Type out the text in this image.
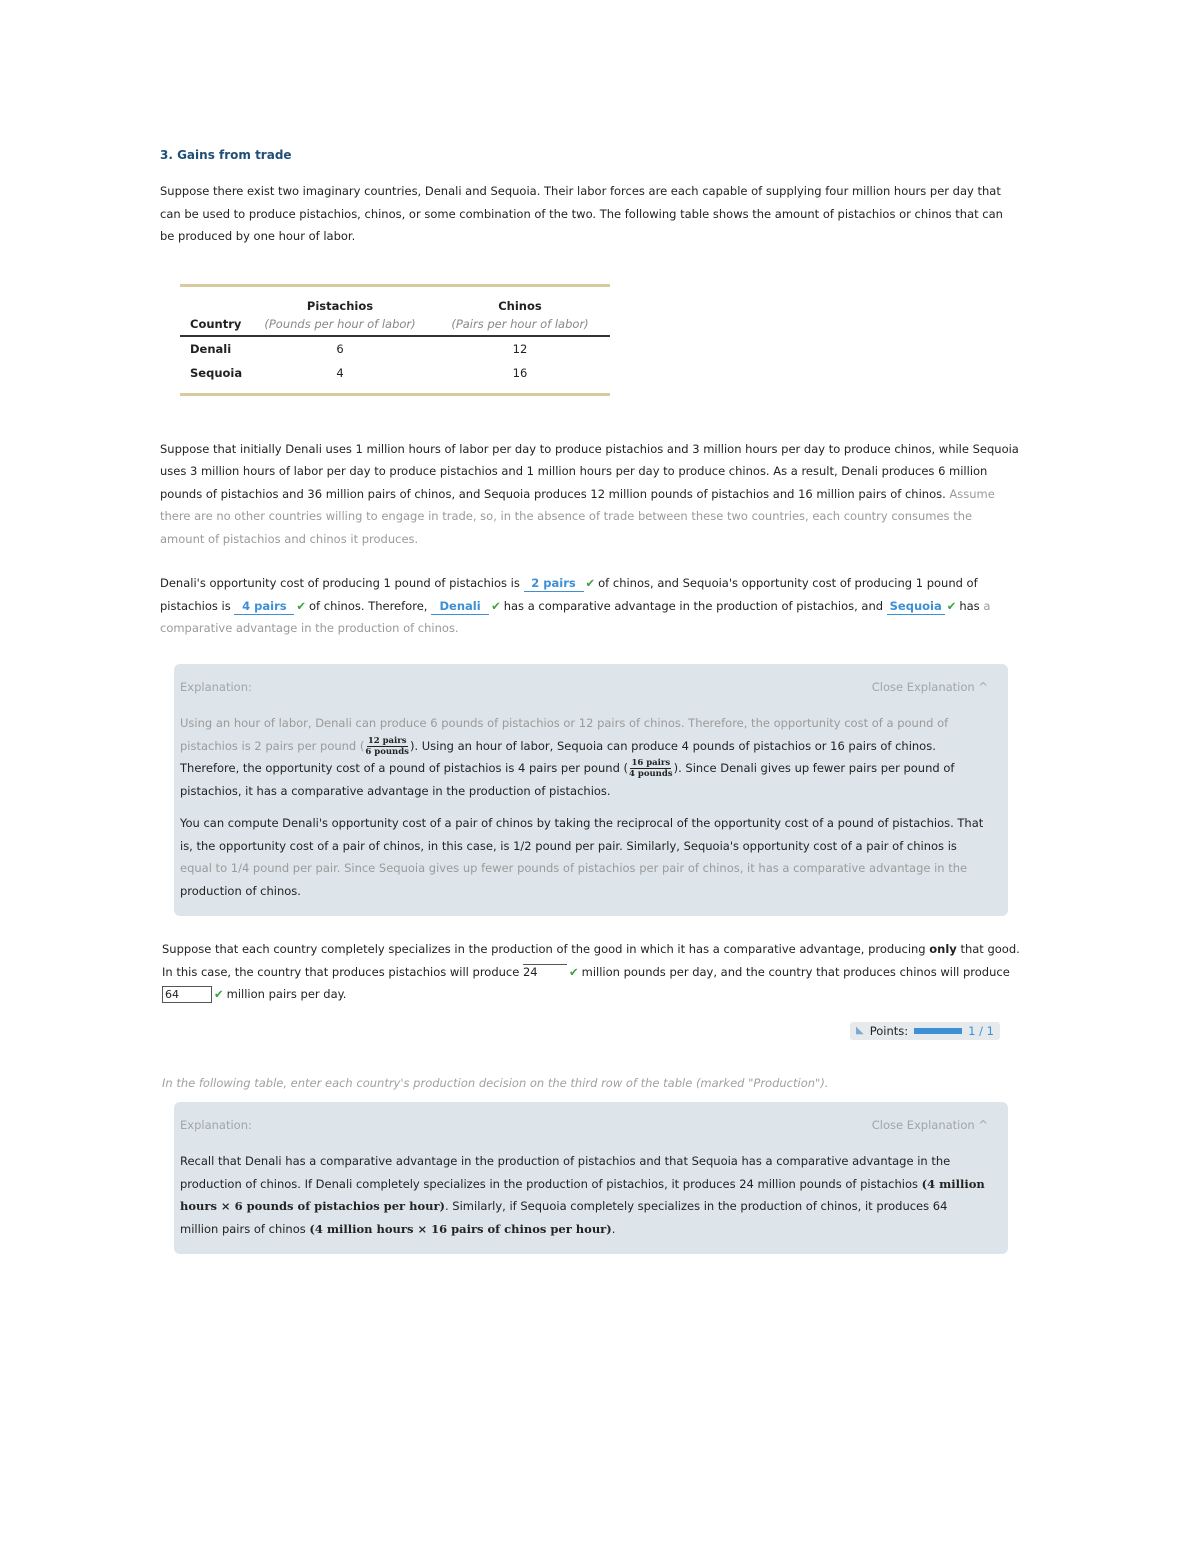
3. Gains from trade

Suppose there exist two imaginary countries, Denali and Sequoia. Their labor forces are each capable of supplying four million hours per day that can be used to produce pistachios, chinos, or some combination of the two. The following table shows the amount of pistachios or chinos that can be produced by one hour of labor.

	Pistachios	Chinos
Country	(Pounds per hour of labor)	(Pairs per hour of labor)
Denali	6	12
Sequoia	4	16

Suppose that initially Denali uses 1 million hours of labor per day to produce pistachios and 3 million hours per day to produce chinos, while Sequoia uses 3 million hours of labor per day to produce pistachios and 1 million hours per day to produce chinos. As a result, Denali produces 6 million pounds of pistachios and 36 million pairs of chinos, and Sequoia produces 12 million pounds of pistachios and 16 million pairs of chinos. Assume there are no other countries willing to engage in trade, so, in the absence of trade between these two countries, each country consumes the amount of pistachios and chinos it produces.

Denali's opportunity cost of producing 1 pound of pistachios is 2 pairs ✔ of chinos, and Sequoia's opportunity cost of producing 1 pound of pistachios is 4 pairs ✔ of chinos. Therefore, Denali ✔ has a comparative advantage in the production of pistachios, and Sequoia ✔ has a comparative advantage in the production of chinos.

Explanation:	Close Explanation ^

Using an hour of labor, Denali can produce 6 pounds of pistachios or 12 pairs of chinos. Therefore, the opportunity cost of a pound of pistachios is 2 pairs per pound ( $\frac{\text{12 pairs}}{\text{6 pounds}}$ ). Using an hour of labor, Sequoia can produce 4 pounds of pistachios or 16 pairs of chinos. Therefore, the opportunity cost of a pound of pistachios is 4 pairs per pound ( $\frac{\text{16 pairs}}{\text{4 pounds}}$ ). Since Denali gives up fewer pairs per pound of pistachios, it has a comparative advantage in the production of pistachios.

You can compute Denali's opportunity cost of a pair of chinos by taking the reciprocal of the opportunity cost of a pound of pistachios. That is, the opportunity cost of a pair of chinos, in this case, is 1/2 pound per pair. Similarly, Sequoia's opportunity cost of a pair of chinos is equal to 1/4 pound per pair. Since Sequoia gives up fewer pounds of pistachios per pair of chinos, it has a comparative advantage in the production of chinos.

Suppose that each country completely specializes in the production of the good in which it has a comparative advantage, producing only that good. In this case, the country that produces pistachios will produce 24	✔ million pounds per day, and the country that produces chinos will produce 64	✔ million pairs per day.

◣ Points:	1 / 1

In the following table, enter each country's production decision on the third row of the table (marked "Production").

Explanation:	Close Explanation ^

Recall that Denali has a comparative advantage in the production of pistachios and that Sequoia has a comparative advantage in the production of chinos. If Denali completely specializes in the production of pistachios, it produces 24 million pounds of pistachios (4 million hours × 6 pounds of pistachios per hour). Similarly, if Sequoia completely specializes in the production of chinos, it produces 64 million pairs of chinos (4 million hours × 16 pairs of chinos per hour).
